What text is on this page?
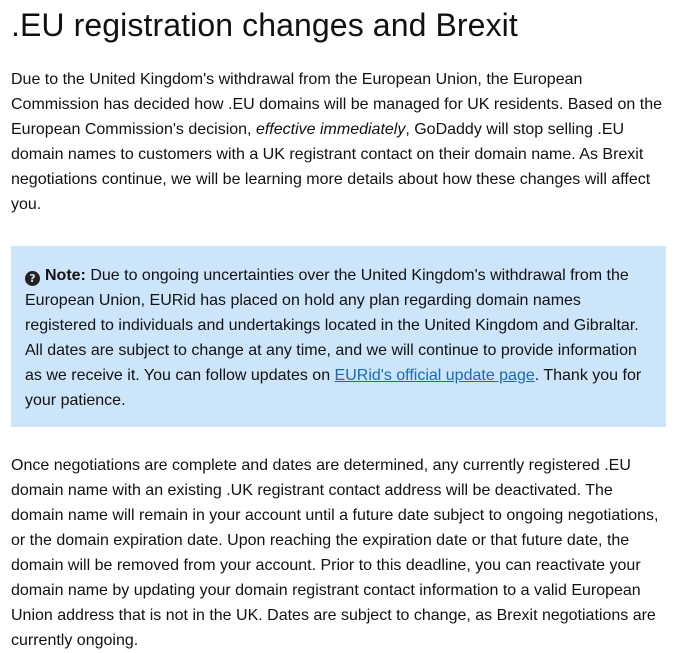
.EU registration changes and Brexit

Due to the United Kingdom's withdrawal from the European Union, the European Commission has decided how .EU domains will be managed for UK residents. Based on the European Commission's decision, effective immediately, GoDaddy will stop selling .EU domain names to customers with a UK registrant contact on their domain name. As Brexit negotiations continue, we will be learning more details about how these changes will affect you.

? Note: Due to ongoing uncertainties over the United Kingdom's withdrawal from the European Union, EURid has placed on hold any plan regarding domain names registered to individuals and undertakings located in the United Kingdom and Gibraltar. All dates are subject to change at any time, and we will continue to provide information as we receive it. You can follow updates on EURid's official update page. Thank you for your patience.

Once negotiations are complete and dates are determined, any currently registered .EU domain name with an existing .UK registrant contact address will be deactivated. The domain name will remain in your account until a future date subject to ongoing negotiations, or the domain expiration date. Upon reaching the expiration date or that future date, the domain will be removed from your account. Prior to this deadline, you can reactivate your domain name by updating your domain registrant contact information to a valid European Union address that is not in the UK. Dates are subject to change, as Brexit negotiations are currently ongoing.
